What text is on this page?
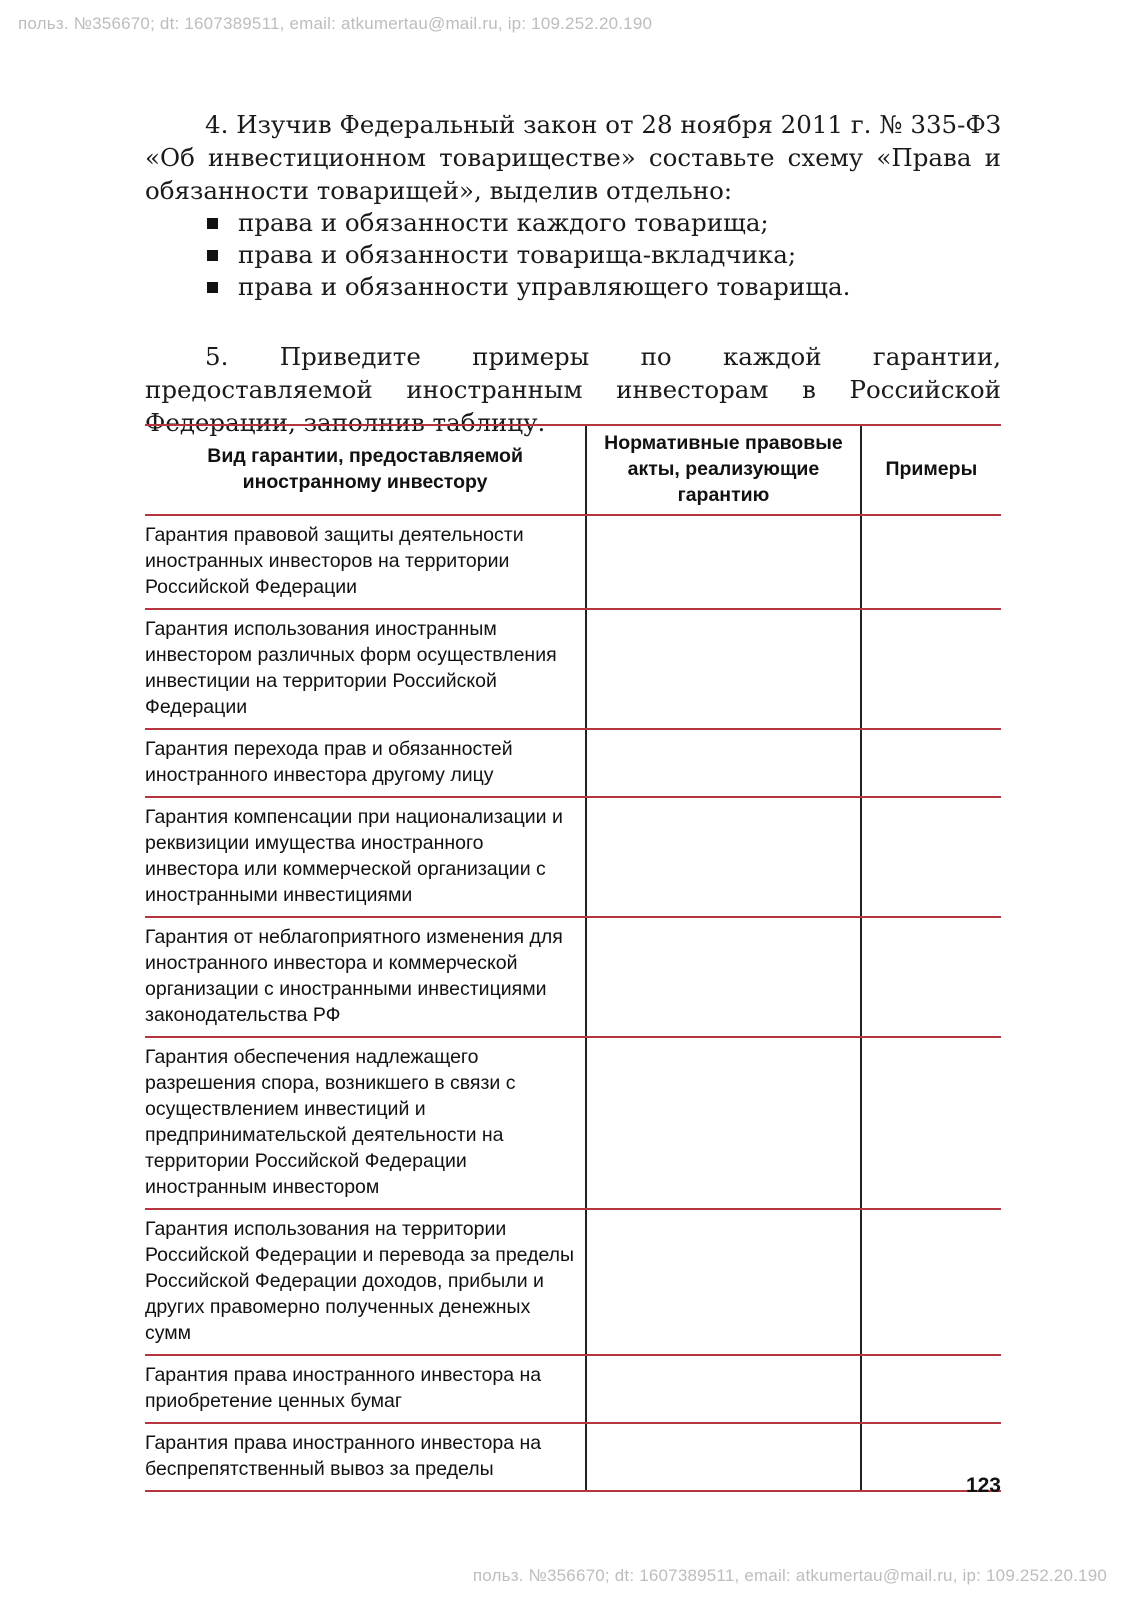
польз. №356670; dt: 1607389511, email: atkumertau@mail.ru, ip: 109.252.20.190

4. Изучив Федеральный закон от 28 ноября 2011 г. № 335-ФЗ «Об инвестиционном товариществе» составьте схему «Права и обязанности товарищей», выделив отдельно:

права и обязанности каждого товарища;
права и обязанности товарища-вкладчика;
права и обязанности управляющего товарища.

5. Приведите примеры по каждой гарантии, предоставляемой иностранным инвесторам в Российской Федерации, заполнив таблицу.

Вид гарантии, предоставляемой иностранному инвестору	Нормативные правовые акты, реализующие гарантию	Примеры
Гарантия правовой защиты деятельности иностранных инвесторов на территории Российской Федерации		
Гарантия использования иностранным инвестором различных форм осуществления инвестиции на территории Российской Федерации		
Гарантия перехода прав и обязанностей иностранного инвестора другому лицу		
Гарантия компенсации при национализации и реквизиции имущества иностранного инвестора или коммерческой организации с иностранными инвестициями		
Гарантия от неблагоприятного изменения для иностранного инвестора и коммерческой организации с иностранными инвестициями законодательства РФ		
Гарантия обеспечения надлежащего разрешения спора, возникшего в связи с осуществлением инвестиций и предпринимательской деятельности на территории Российской Федерации иностранным инвестором		
Гарантия использования на территории Российской Федерации и перевода за пределы Российской Федерации доходов, прибыли и других правомерно полученных денежных сумм		
Гарантия права иностранного инвестора на приобретение ценных бумаг		
Гарантия права иностранного инвестора на беспрепятственный вывоз за пределы		
123
польз. №356670; dt: 1607389511, email: atkumertau@mail.ru, ip: 109.252.20.190
